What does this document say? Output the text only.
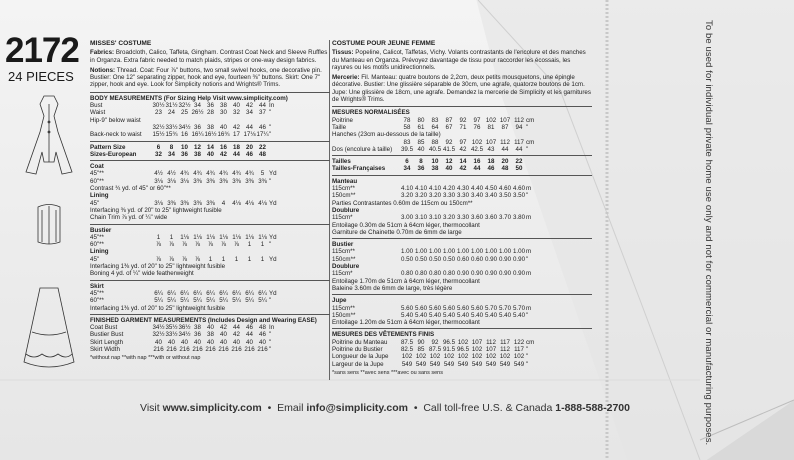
To be used for individual private home use only and not for commercial or manufacturing purposes.
2172
24 PIECES
MISSES' COSTUME
Fabrics: Broadcloth, Calico, Taffeta, Gingham. Contrast Coat Neck and Sleeve Ruffles in Organza. Extra fabric needed to match plaids, stripes or one-way design fabrics.
Notions: Thread. Coat: Four ⅞" buttons, two small swivel hooks, one decorative pin. Bustier: One 12" separating zipper, hook and eye, fourteen ⅜" buttons. Skirt: One 7" zipper, hook and eye. Look for Simplicity notions and Wrights® Trims.
BODY MEASUREMENTS (For Sizing Help Visit www.simplicity.com)
Bust	30½ 31½ 32½ 34 36 38 40 42 44 In
Waist	23 24 25 26½ 28 30 32 34 37 "
Hip-9" below waist
32½ 33½ 34½ 36 38 40 42 44 46 "
Back-neck to waist	15½ 15¾ 16 16¼ 16½ 16¾ 17 17⅛ 17¼ "
Pattern Size	6	8	10 12 14 16 18 20 22
Sizes-European	32 34 36 38 40 42 44 46 48
Coat
45"**	4½ 4½ 4¾ 4¾ 4¾ 4¾ 4¾ 4¾	5 Yd
60"**	3⅛ 3⅛ 3⅛ 3⅜ 3⅜ 3⅜ 3⅜ 3⅜ 3⅜ "
Contrast ¾ yd. of 45" or 60"**
Lining
45"	3⅛ 3⅜ 3⅜ 3⅜ 3⅜	4	4⅛ 4⅛ 4⅛ Yd
Interfacing ⅜ yd. of 20" to 25" lightweight fusible
Chain Trim ⅞ yd. of ¼" wide
Bustier
45"**	1	1	1⅛ 1⅛ 1⅛ 1⅛ 1⅛ 1⅛ 1⅛ Yd
60"**	⅞	⅞	⅞	⅞	⅞	⅞	⅞	1	1 "
Lining
45"	⅞	⅞	⅞	⅞	1	1	1	1	1 Yd
Interfacing 1⅜ yd. of 20" to 25" lightweight fusible
Boning 4 yd. of ¼" wide featherweight
Skirt
45"**	6¼ 6¼ 6¼ 6¼ 6¼ 6¼ 6¼ 6¼ 6¼ Yd
60"**	5¼ 5¼ 5¼ 5¼ 5¼ 5¼ 5¼ 5¼ 5¼ "
Interfacing 1⅜ yd. of 20" to 25" lightweight fusible
FINISHED GARMENT MEASUREMENTS (Includes Design and Wearing EASE)
Coat Bust	34½ 35½ 36½ 38 40 42 44 46 48 In
Bustier Bust	32½ 33½ 34½ 36 38 40 42 44 46 "
Skirt Length	40 40 40 40 40 40 40 40 40 "
Skirt Width	216 216 216 216 216 216 216 216 216 "
*without nap **with nap ***with or without nap
COSTUME POUR JEUNE FEMME
Tissus: Popeline, Calicot, Taffetas, Vichy. Volants contrastants de l'encolure et des manches du Manteau en Organza. Prévoyez davantage de tissu pour raccorder les écossais, les rayures ou les motifs unidirectionnels.
Mercerie: Fil. Manteau: quatre boutons de 2,2cm, deux petits mousquetons, une épingle décorative. Bustier: Une glissière séparable de 30cm, une agrafe, quatorze boutons de 1cm. Jupe: Une glissière de 18cm, une agrafe. Demandez la mercerie de Simplicity et les garnitures de Wrights® Trims.
MESURES NORMALISÉES
Poitrine	78	80	83	87	92	97 102 107 112 cm
Taille	58	61	64	67	71	76	81	87	94 "
Hanches (23cm au-dessous de la taille)
83	85	88	92	97 102 107 112 117 cm
Dos (encolure à taille)	39.5 40 40.5 41.5 42 42.5 43	44	44 "
Tailles	6	8	10	12	14	16	18	20	22
Tailles-Françaises	34	36	38	40	42	44	46	48	50
Manteau
115cm**	4.10 4.10 4.10 4.20 4.30 4.40 4.50 4.60 4.60 m
150cm**	3.20 3.20 3.20 3.30 3.30 3.40 3.40 3.50 3.50 "
Parties Contrastantes 0.60m de 115cm ou 150cm**
Doublure
115cm*	3.00 3.10 3.10 3.20 3.30 3.60 3.60 3.70 3.80 m
Entoilage 0.30m de 51cm à 64cm léger, thermocollant
Garniture de Chainette 0.70m de 6mm de large
Bustier
115cm**	1.00 1.00 1.00 1.00 1.00 1.00 1.00 1.00 1.00 m
150cm**	0.50 0.50 0.50 0.50 0.60 0.60 0.90 0.90 0.90 "
Doublure
115cm*	0.80 0.80 0.80 0.80 0.90 0.90 0.90 0.90 0.90 m
Entoilage 1.70m de 51cm à 64cm léger, thermocollant
Baleine 3.60m de 6mm de large, très légère
Jupe
115cm**	5.60 5.60 5.60 5.60 5.60 5.60 5.70 5.70 5.70 m
150cm**	5.40 5.40 5.40 5.40 5.40 5.40 5.40 5.40 5.40 "
Entoilage 1.20m de 51cm à 64cm léger, thermocollant
MESURES DES VÊTEMENTS FINIS
Poitrine du Manteau	87.5 90	92 96.5 102 107 112 117 122 cm
Poitrine du Bustier	82.5 85 87.5 91.5 96.5 102 107 112 117 "
Longueur de la Jupe	102 102 102 102 102 102 102 102 102 "
Largeur de la Jupe	549 549 549 549 549 549 549 549 549 "
*sans sens **avec sens ***avec ou sans sens
Visit www.simplicity.com  •  Email info@simplicity.com  •  Call toll-free U.S. & Canada 1-888-588-2700
